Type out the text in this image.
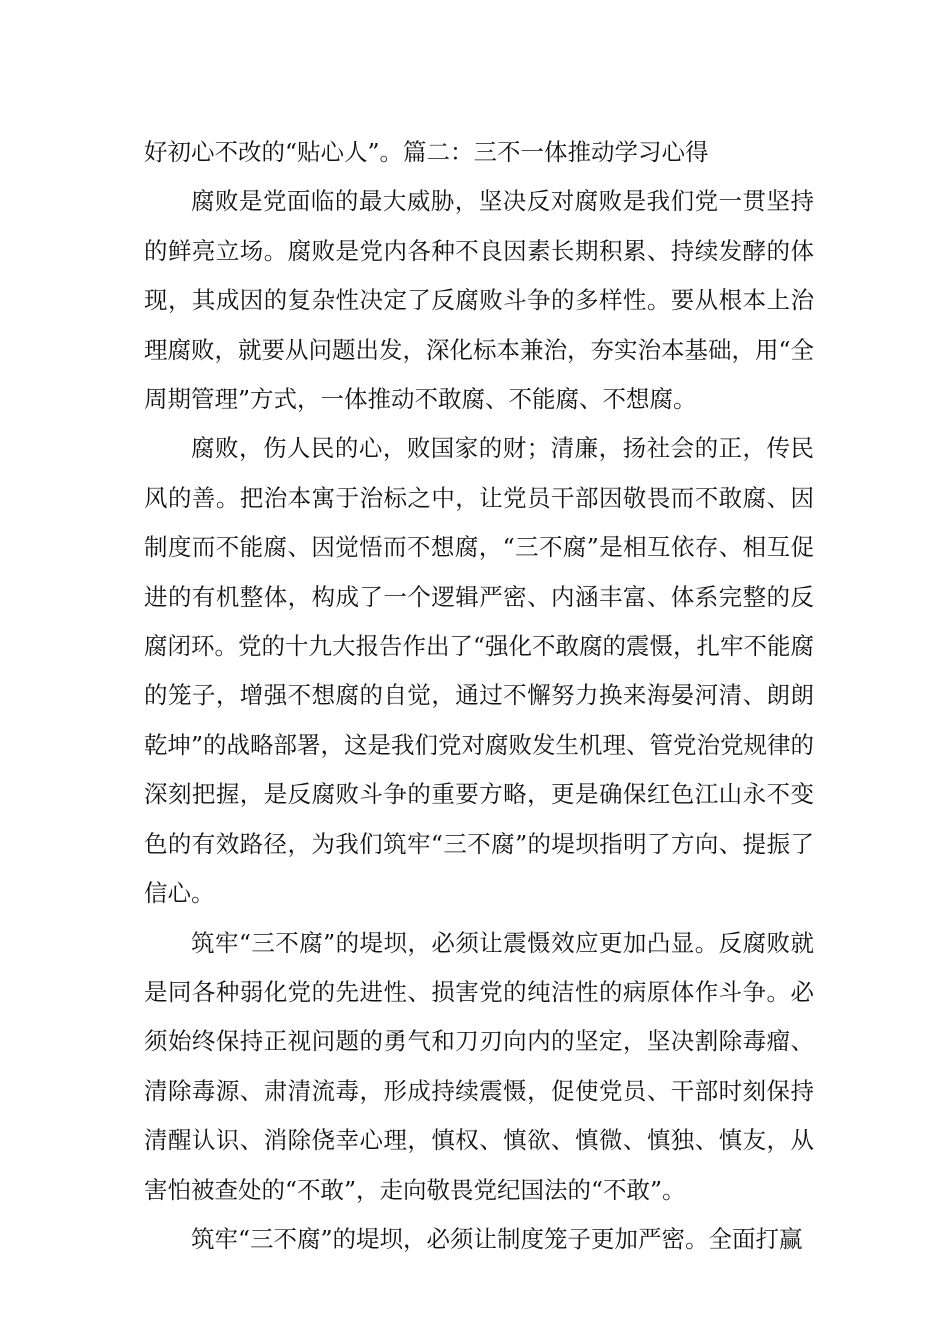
好初心不改的“贴心人”。篇二：三不一体推动学习心得

腐败是党面临的最大威胁，坚决反对腐败是我们党一贯坚持的鲜亮立场。腐败是党内各种不良因素长期积累、持续发酵的体现，其成因的复杂性决定了反腐败斗争的多样性。要从根本上治理腐败，就要从问题出发，深化标本兼治，夯实治本基础，用“全周期管理”方式，一体推动不敢腐、不能腐、不想腐。

腐败，伤人民的心，败国家的财；清廉，扬社会的正，传民风的善。把治本寓于治标之中，让党员干部因敬畏而不敢腐、因制度而不能腐、因觉悟而不想腐，“三不腐”是相互依存、相互促进的有机整体，构成了一个逻辑严密、内涵丰富、体系完整的反腐闭环。党的十九大报告作出了“强化不敢腐的震慑，扎牢不能腐的笼子，增强不想腐的自觉，通过不懈努力换来海晏河清、朗朗乾坤”的战略部署，这是我们党对腐败发生机理、管党治党规律的深刻把握，是反腐败斗争的重要方略，更是确保红色江山永不变色的有效路径，为我们筑牢“三不腐”的堤坝指明了方向、提振了信心。

筑牢“三不腐”的堤坝，必须让震慑效应更加凸显。反腐败就是同各种弱化党的先进性、损害党的纯洁性的病原体作斗争。必须始终保持正视问题的勇气和刀刃向内的坚定，坚决割除毒瘤、清除毒源、肃清流毒，形成持续震慑，促使党员、干部时刻保持清醒认识、消除侥幸心理，慎权、慎欲、慎微、慎独、慎友，从害怕被查处的“不敢”，走向敬畏党纪国法的“不敢”。

筑牢“三不腐”的堤坝，必须让制度笼子更加严密。全面打赢
